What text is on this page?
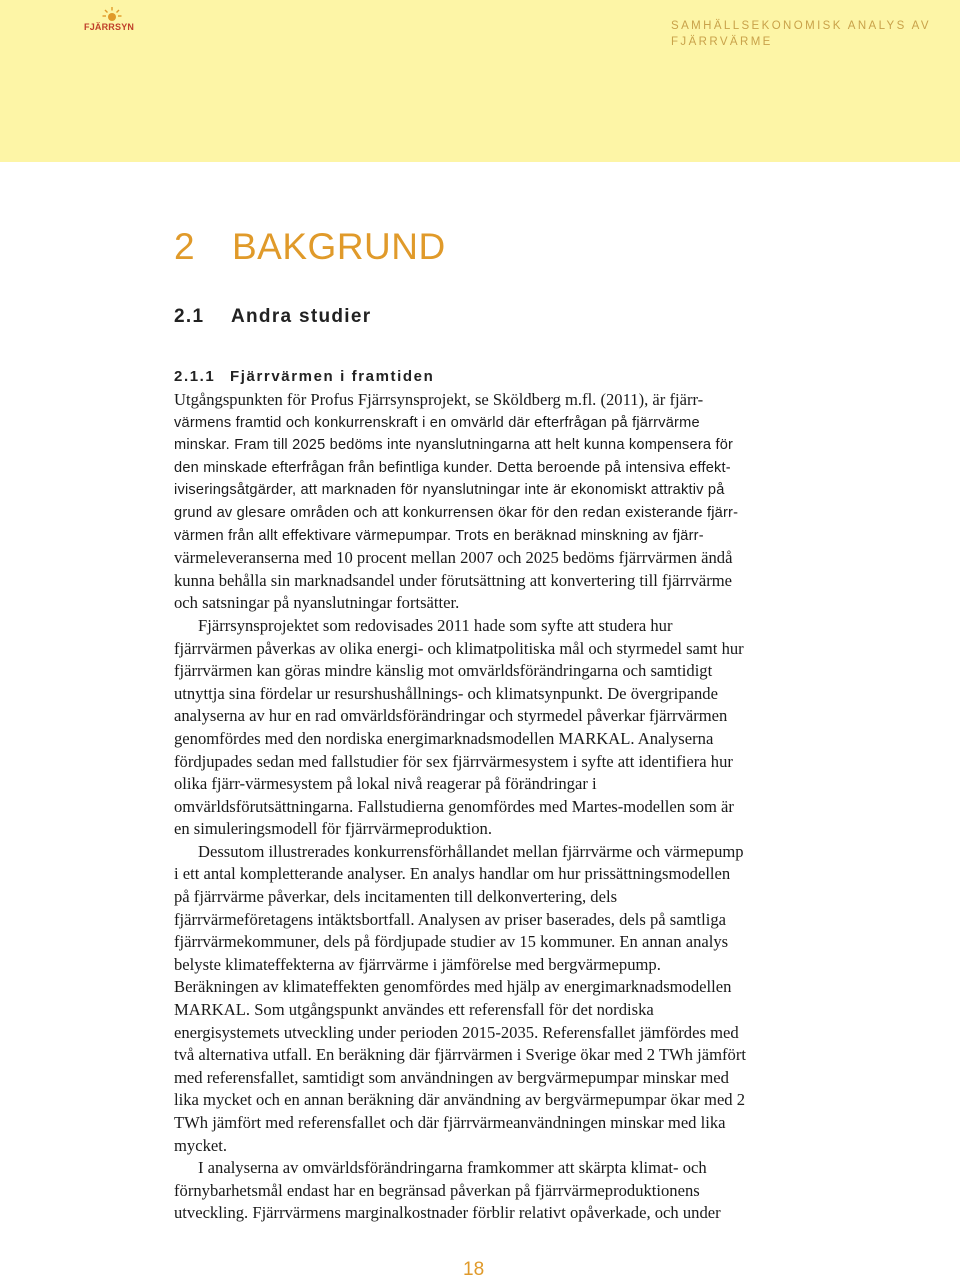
FJÄRRSYN	SAMHÄLLSEKONOMISK ANALYS AV FJÄRRVÄRME
2 BAKGRUND
2.1 Andra studier
2.1.1 Fjärrvärmen i framtiden
Utgångspunkten för Profus Fjärrsynsprojekt, se Sköldberg m.fl. (2011), är fjärr-
värmens framtid och konkurrenskraft i en omvärld där efterfrågan på fjärrvärme
minskar. Fram till 2025 bedöms inte nyanslutningarna att helt kunna kompensera för
den minskade efterfrågan från befintliga kunder. Detta beroende på intensiva effekt-
iviseringsåtgärder, att marknaden för nyanslutningar inte är ekonomiskt attraktiv på
grund av glesare områden och att konkurrensen ökar för den redan existerande fjärr-
värmen från allt effektivare värmepumpar. Trots en beräknad minskning av fjärr-
värmeleveranserna med 10 procent mellan 2007 och 2025 bedöms fjärrvärmen ändå
kunna behålla sin marknadsandel under förutsättning att konvertering till fjärrvärme
och satsningar på nyanslutningar fortsätter.
Fjärrsynsprojektet som redovisades 2011 hade som syfte att studera hur
fjärrvärmen påverkas av olika energi- och klimatpolitiska mål och styrmedel samt hur
fjärrvärmen kan göras mindre känslig mot omvärldsförändringarna och samtidigt
utnyttja sina fördelar ur resurshushållnings- och klimatsynpunkt. De övergripande
analyserna av hur en rad omvärldsförändringar och styrmedel påverkar fjärrvärmen
genomfördes med den nordiska energimarknadsmodellen MARKAL. Analyserna
fördjupades sedan med fallstudier för sex fjärrvärmesystem i syfte att identifiera hur
olika fjärr-värmesystem på lokal nivå reagerar på förändringar i
omvärldsförutsättningarna. Fallstudierna genomfördes med Martes-modellen som är
en simuleringsmodell för fjärrvärmeproduktion.
Dessutom illustrerades konkurrensförhållandet mellan fjärrvärme och värmepump
i ett antal kompletterande analyser. En analys handlar om hur prissättningsmodellen
på fjärrvärme påverkar, dels incitamenten till delkonvertering, dels
fjärrvärmeföretagens intäktsbortfall. Analysen av priser baserades, dels på samtliga
fjärrvärmekommuner, dels på fördjupade studier av 15 kommuner. En annan analys
belyste klimateffekterna av fjärrvärme i jämförelse med bergvärmepump.
Beräkningen av klimateffekten genomfördes med hjälp av energimarknadsmodellen
MARKAL. Som utgångspunkt användes ett referensfall för det nordiska
energisystemets utveckling under perioden 2015-2035. Referensfallet jämfördes med
två alternativa utfall. En beräkning där fjärrvärmen i Sverige ökar med 2 TWh jämfört
med referensfallet, samtidigt som användningen av bergvärmepumpar minskar med
lika mycket och en annan beräkning där användning av bergvärmepumpar ökar med 2
TWh jämfört med referensfallet och där fjärrvärmeanvändningen minskar med lika
mycket.
I analyserna av omvärldsförändringarna framkommer att skärpta klimat- och
förnybarhetsmål endast har en begränsad påverkan på fjärrvärmeproduktionens
utveckling. Fjärrvärmens marginalkostnader förblir relativt opåverkade, och under
18
